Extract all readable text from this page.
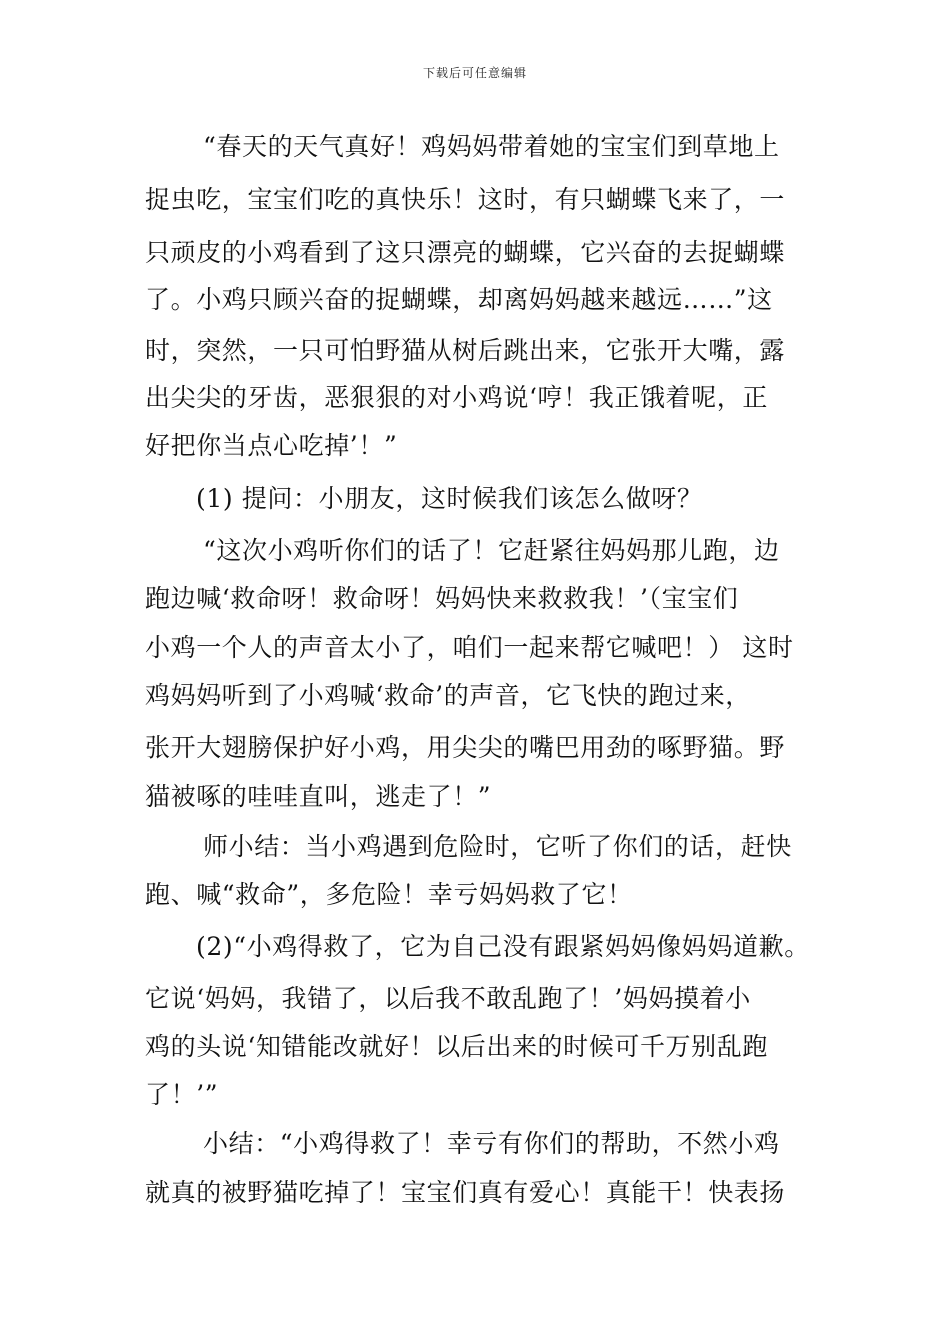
下载后可任意编辑
“春天的天气真好！鸡妈妈带着她的宝宝们到草地上
捉虫吃，宝宝们吃的真快乐！这时，有只蝴蝶飞来了，一
只顽皮的小鸡看到了这只漂亮的蝴蝶，它兴奋的去捉蝴蝶
了。小鸡只顾兴奋的捉蝴蝶，却离妈妈越来越远……”这
时，突然，一只可怕野猫从树后跳出来，它张开大嘴，露
出尖尖的牙齿，恶狠狠的对小鸡说‘哼！我正饿着呢，正
好把你当点心吃掉’！”
(1) 提问：小朋友，这时候我们该怎么做呀？
“这次小鸡听你们的话了！它赶紧往妈妈那儿跑，边
跑边喊‘救命呀！救命呀！妈妈快来救救我！’（宝宝们
小鸡一个人的声音太小了，咱们一起来帮它喊吧！） 这时
鸡妈妈听到了小鸡喊‘救命’的声音，它飞快的跑过来，
张开大翅膀保护好小鸡，用尖尖的嘴巴用劲的啄野猫。野
猫被啄的哇哇直叫，逃走了！”
师小结：当小鸡遇到危险时，它听了你们的话，赶快
跑、喊“救命”，多危险！幸亏妈妈救了它！
(2)“小鸡得救了，它为自己没有跟紧妈妈像妈妈道歉。
它说‘妈妈，我错了，以后我不敢乱跑了！’妈妈摸着小
鸡的头说‘知错能改就好！以后出来的时候可千万别乱跑
了！’”
小结：“小鸡得救了！幸亏有你们的帮助，不然小鸡
就真的被野猫吃掉了！宝宝们真有爱心！真能干！快表扬
